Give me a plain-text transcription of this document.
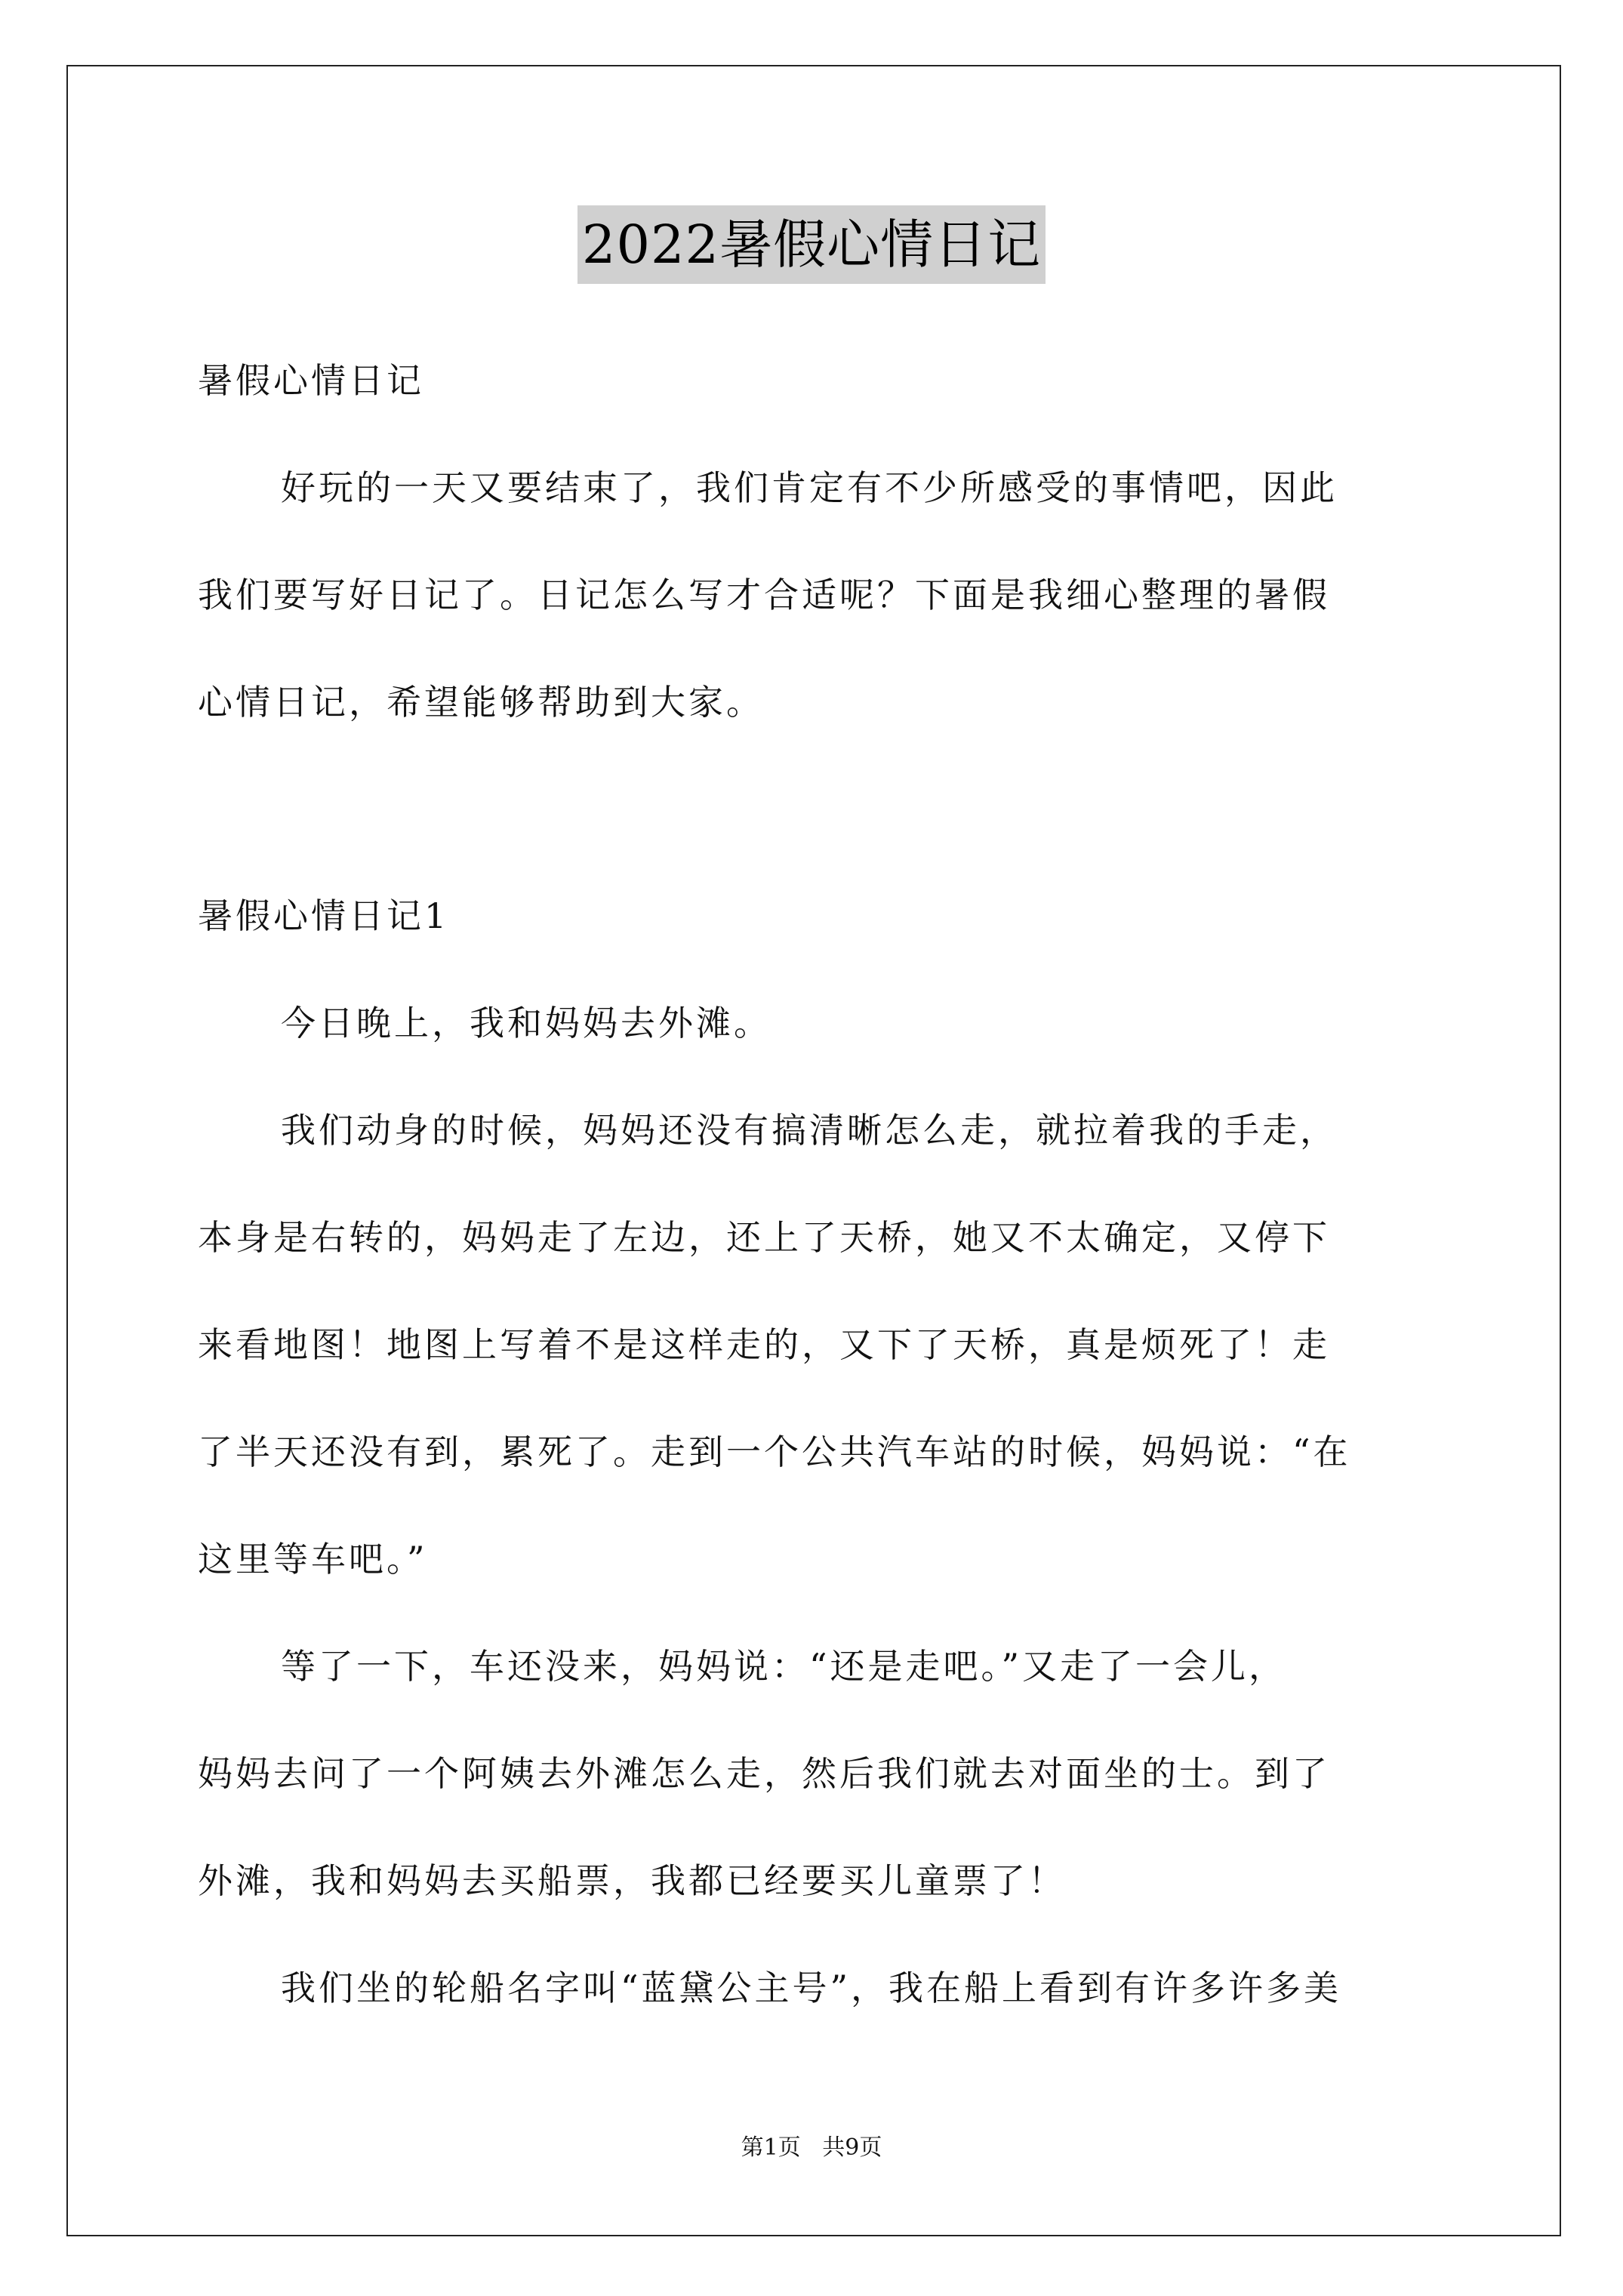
2022暑假心情日记
暑假心情日记
好玩的一天又要结束了，我们肯定有不少所感受的事情吧，因此
我们要写好日记了。日记怎么写才合适呢？下面是我细心整理的暑假
心情日记，希望能够帮助到大家。
暑假心情日记1
今日晚上，我和妈妈去外滩。
我们动身的时候，妈妈还没有搞清晰怎么走，就拉着我的手走，
本身是右转的，妈妈走了左边，还上了天桥，她又不太确定，又停下
来看地图！地图上写着不是这样走的，又下了天桥，真是烦死了！走
了半天还没有到，累死了。走到一个公共汽车站的时候，妈妈说：“在
这里等车吧。”
等了一下，车还没来，妈妈说：“还是走吧。”又走了一会儿，
妈妈去问了一个阿姨去外滩怎么走，然后我们就去对面坐的士。到了
外滩，我和妈妈去买船票，我都已经要买儿童票了！
我们坐的轮船名字叫“蓝黛公主号”，我在船上看到有许多许多美
第1页   共9页
